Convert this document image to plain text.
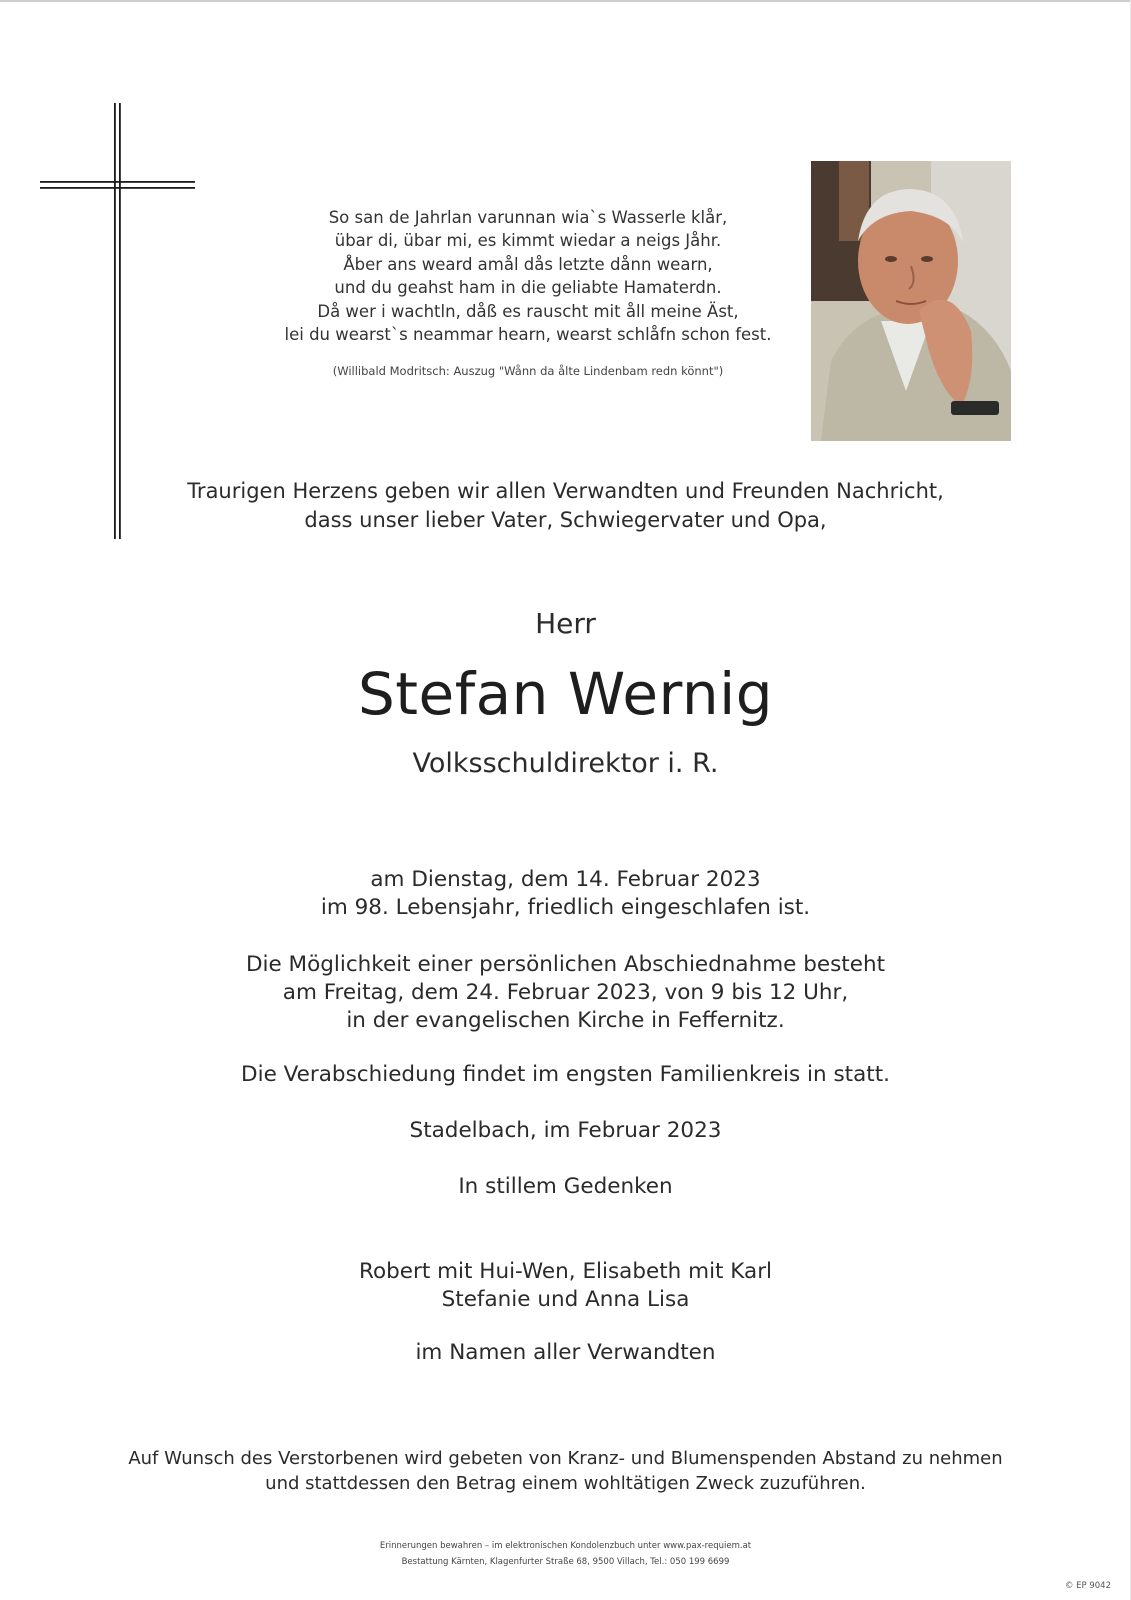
So san de Jahrlan varunnan wia`s Wasserle klår,
übar di, übar mi, es kimmt wiedar a neigs Jåhr.
Åber ans weard amål dås letzte dånn wearn,
und du geahst ham in die geliabte Hamaterdn.
Då wer i wachtln, dåß es rauscht mit åll meine Äst,
lei du wearst`s neammar hearn, wearst schlåfn schon fest.
(Willibald Modritsch: Auszug "Wånn da ålte Lindenbam redn könnt")
Traurigen Herzens geben wir allen Verwandten und Freunden Nachricht,
dass unser lieber Vater, Schwiegervater und Opa,
Herr
Stefan Wernig
Volksschuldirektor i. R.
am Dienstag, dem 14. Februar 2023
im 98. Lebensjahr, friedlich eingeschlafen ist.
Die Möglichkeit einer persönlichen Abschiednahme besteht
am Freitag, dem 24. Februar 2023, von 9 bis 12 Uhr,
in der evangelischen Kirche in Feffernitz.
Die Verabschiedung findet im engsten Familienkreis in statt.
Stadelbach, im Februar 2023
In stillem Gedenken
Robert mit Hui-Wen, Elisabeth mit Karl
Stefanie und Anna Lisa
im Namen aller Verwandten
Auf Wunsch des Verstorbenen wird gebeten von Kranz- und Blumenspenden Abstand zu nehmen
und stattdessen den Betrag einem wohltätigen Zweck zuzuführen.
Erinnerungen bewahren – im elektronischen Kondolenzbuch unter www.pax-requiem.at
Bestattung Kärnten, Klagenfurter Straße 68, 9500 Villach, Tel.: 050 199 6699
© EP 9042
